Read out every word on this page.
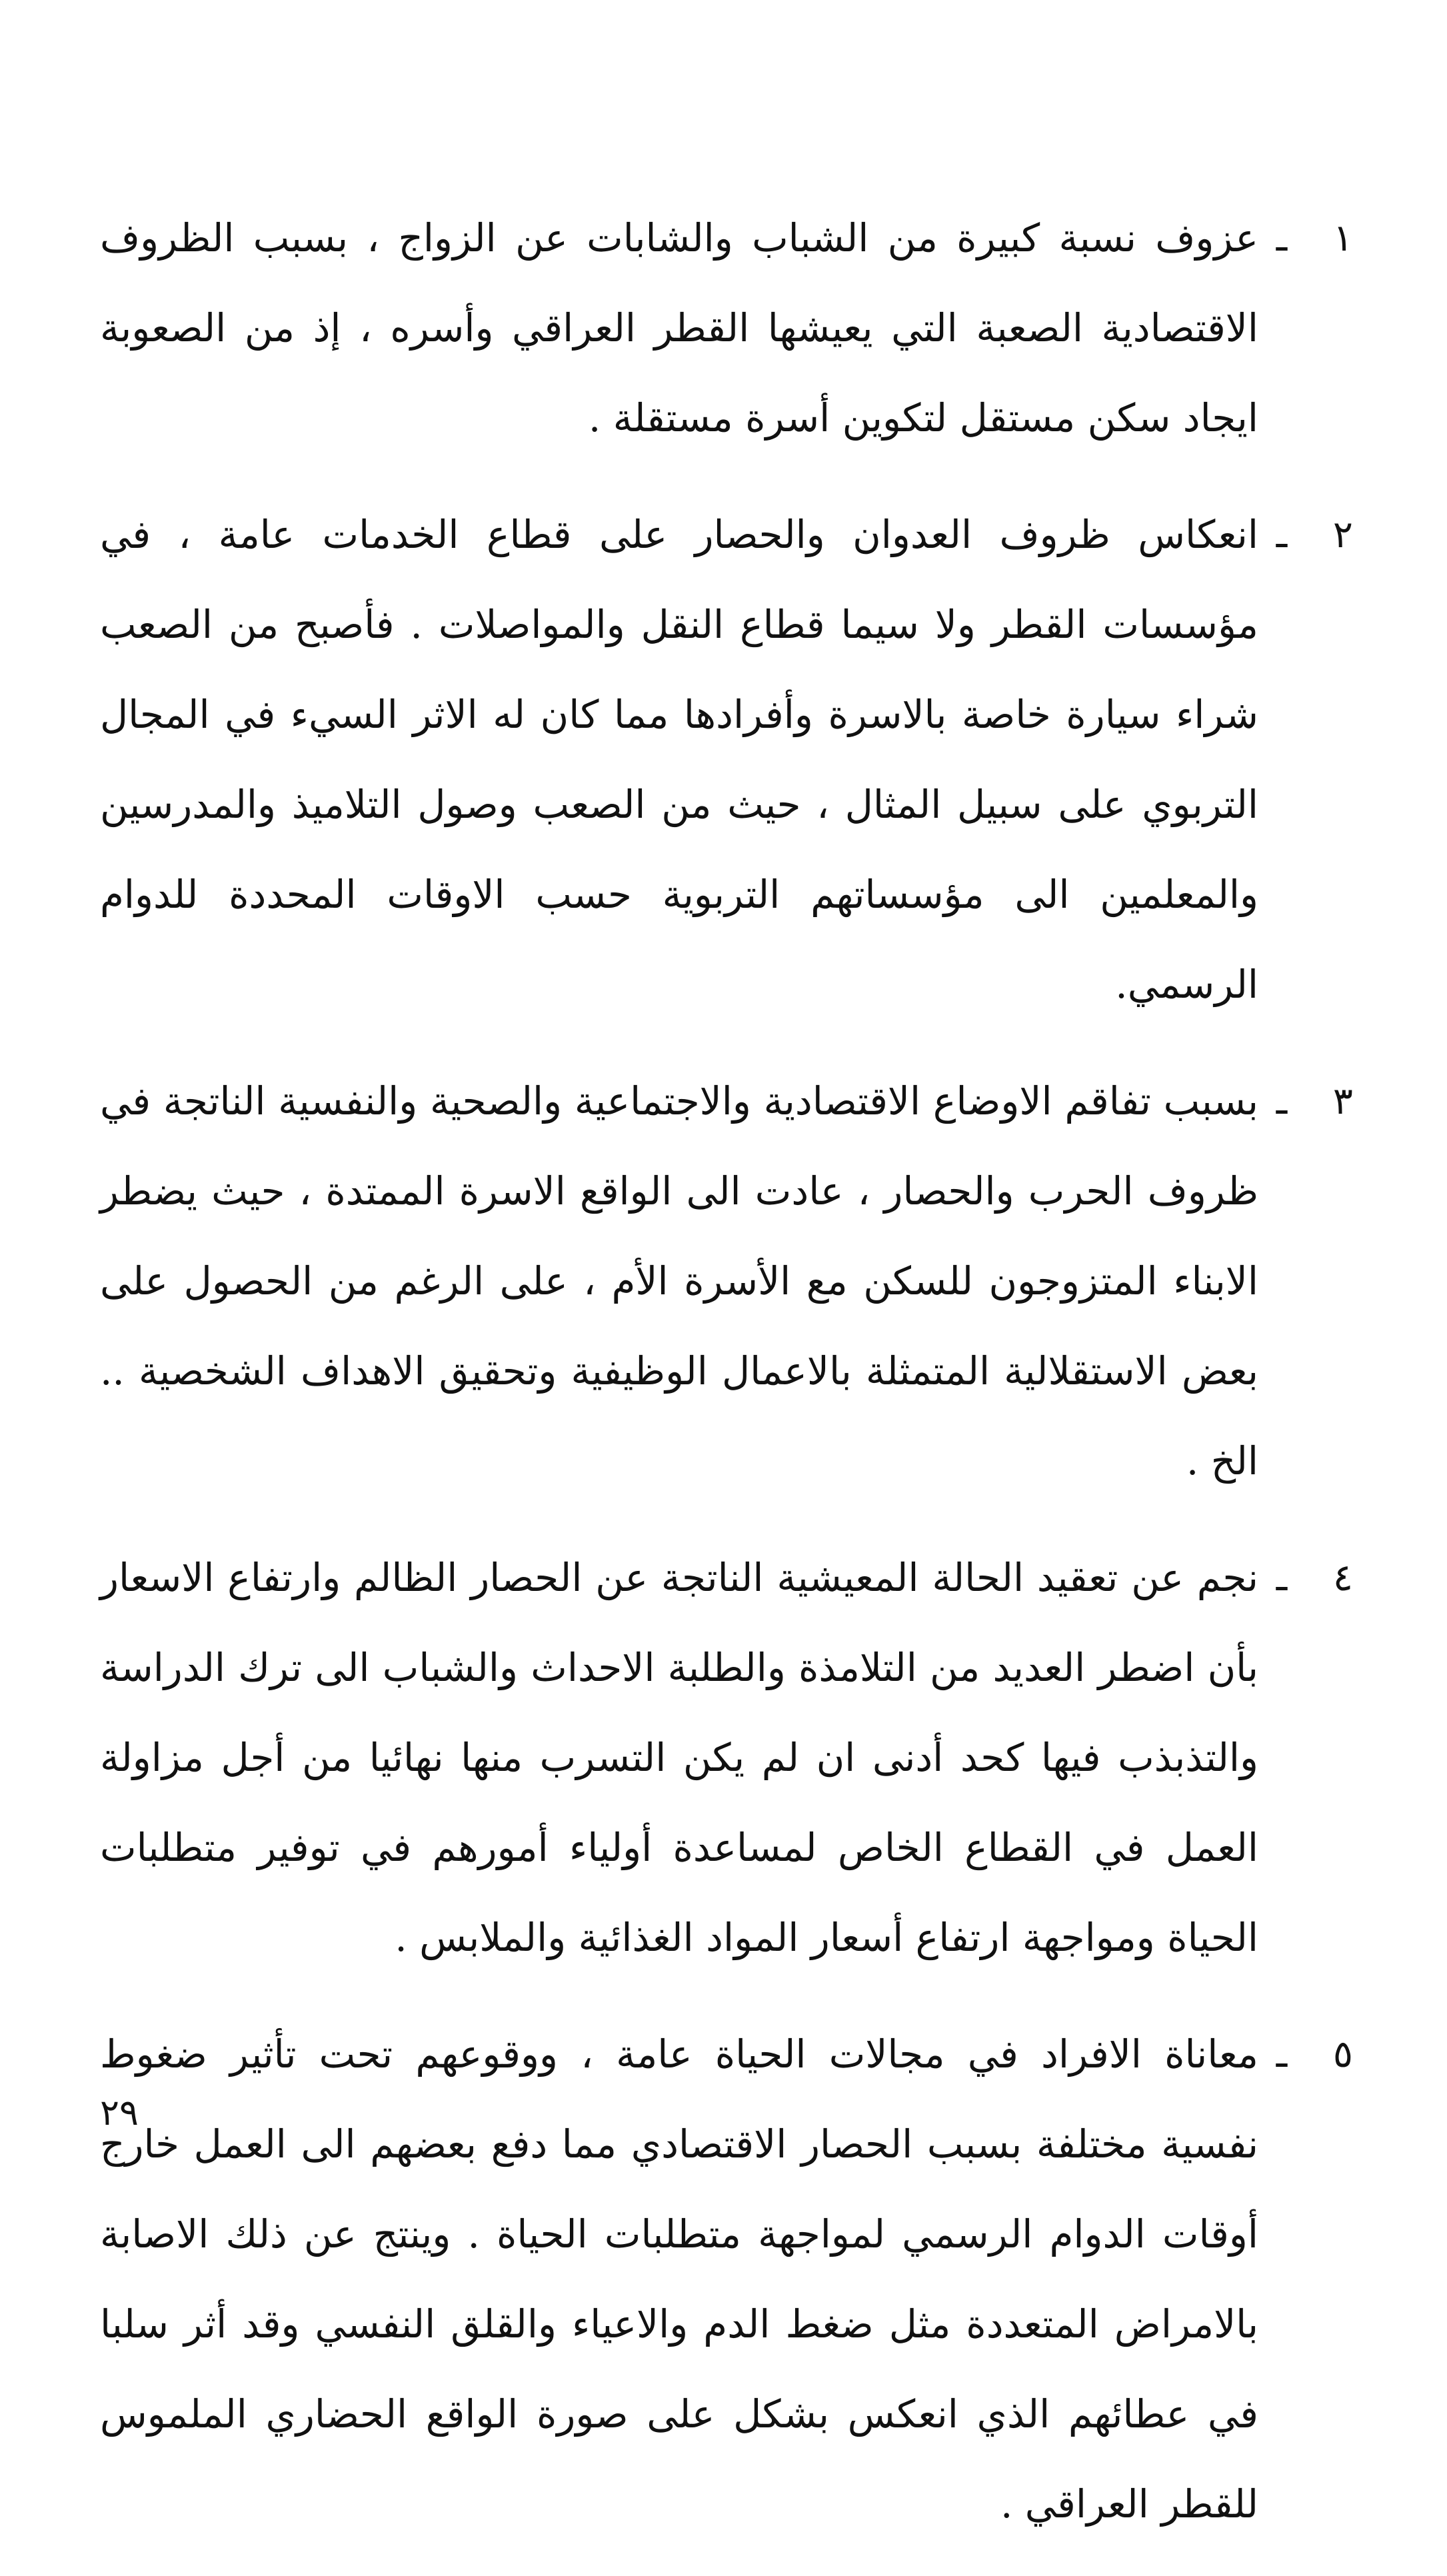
١
ـ

عزوف نسبة كبيرة من الشباب والشابات عن الزواج ، بسبب الظروف الاقتصادية الصعبة التي يعيشها القطر العراقي وأسره ، إذ من الصعوبة ايجاد سكن مستقل لتكوين أسرة مستقلة .

٢
ـ

انعكاس ظروف العدوان والحصار على قطاع الخدمات عامة ، في مؤسسات القطر ولا سيما قطاع النقل والمواصلات . فأصبح من الصعب شراء سيارة خاصة بالاسرة وأفرادها مما كان له الاثر السيء في المجال التربوي على سبيل المثال ، حيث من الصعب وصول التلاميذ والمدرسين والمعلمين الى مؤسساتهم التربوية حسب الاوقات المحددة للدوام الرسمي.

٣
ـ

بسبب تفاقم الاوضاع الاقتصادية والاجتماعية والصحية والنفسية الناتجة في ظروف الحرب والحصار ، عادت الى الواقع الاسرة الممتدة ، حيث يضطر الابناء المتزوجون للسكن مع الأسرة الأم ، على الرغم من الحصول على بعض الاستقلالية المتمثلة بالاعمال الوظيفية وتحقيق الاهداف الشخصية .. الخ .

٤
ـ

نجم عن تعقيد الحالة المعيشية الناتجة عن الحصار الظالم وارتفاع الاسعار بأن اضطر العديد من التلامذة والطلبة الاحداث والشباب الى ترك الدراسة والتذبذب فيها كحد أدنى ان لم يكن التسرب منها نهائيا من أجل مزاولة العمل في القطاع الخاص لمساعدة أولياء أمورهم في توفير متطلبات الحياة ومواجهة ارتفاع أسعار المواد الغذائية والملابس .

٥
ـ

معاناة الافراد في مجالات الحياة عامة ، ووقوعهم تحت تأثير ضغوط نفسية مختلفة بسبب الحصار الاقتصادي مما دفع بعضهم الى العمل خارج أوقات الدوام الرسمي لمواجهة متطلبات الحياة . وينتج عن ذلك الاصابة بالامراض المتعددة مثل ضغط الدم والاعياء والقلق النفسي وقد أثر سلبا في عطائهم الذي انعكس بشكل على صورة الواقع الحضاري الملموس للقطر العراقي .

٢٩
